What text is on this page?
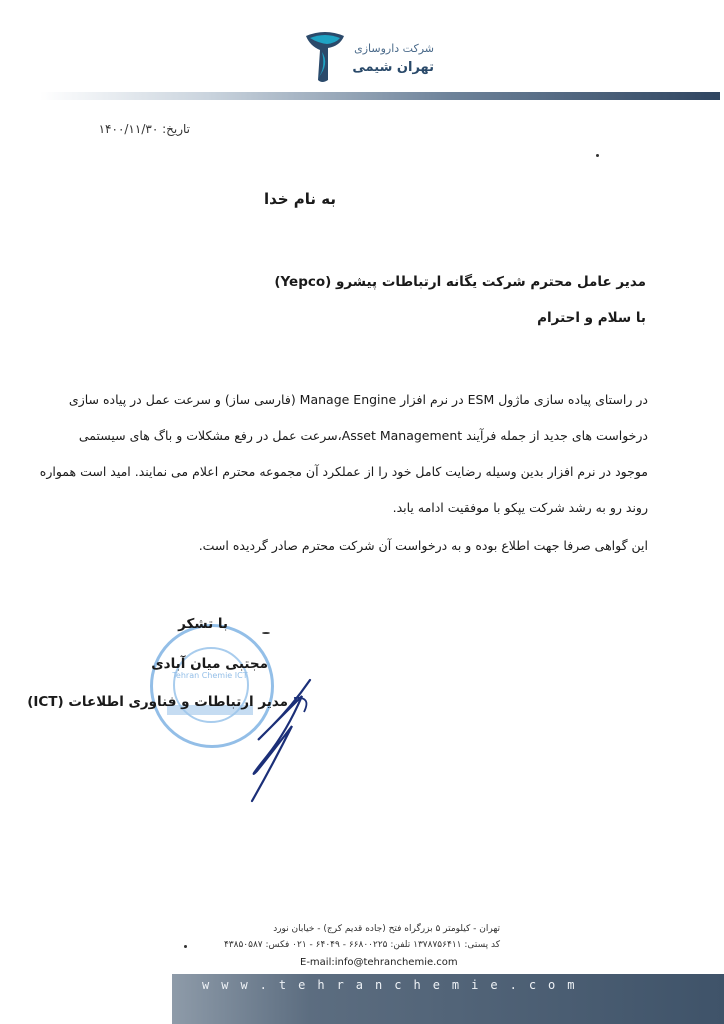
شرکت داروسازی
تهران شیمی
تاریخ: ۱۴۰۰/۱۱/۳۰
به نام خدا
مدیر عامل محترم شرکت یگانه ارتباطات پیشرو (Yepco)
با سلام و احترام
در راستای پیاده سازی ماژول ESM در نرم افزار Manage Engine (فارسی ساز) و سرعت عمل در پیاده سازی
درخواست های جدید از جمله فرآیند Asset Management،سرعت عمل در رفع مشکلات و باگ های سیستمی
موجود در نرم افزار بدین وسیله رضایت کامل خود را از عملکرد آن مجموعه محترم اعلام می نمایند. امید است همواره
روند رو به رشد شرکت یپکو با موفقیت ادامه یابد.
این گواهی صرفا جهت اطلاع بوده و به درخواست آن شرکت محترم صادر گردیده است.
Tehran Chemie ICT
با تشکر
مجتبی میان آبادی
مدیر ارتباطات و فناوری اطلاعات (ICT)
تهران - کیلومتر ۵ بزرگراه فتح (جاده قدیم کرج) - خیابان نورد
کد پستی: ۱۳۷۸۷۵۶۴۱۱ تلفن: ۶۶۸۰۰۲۲۵ - ۶۴۰۴۹ - ۰۲۱ فکس: ۴۳۸۵۰۵۸۷
E-mail:info@tehranchemie.com
www.tehranchemie.com
